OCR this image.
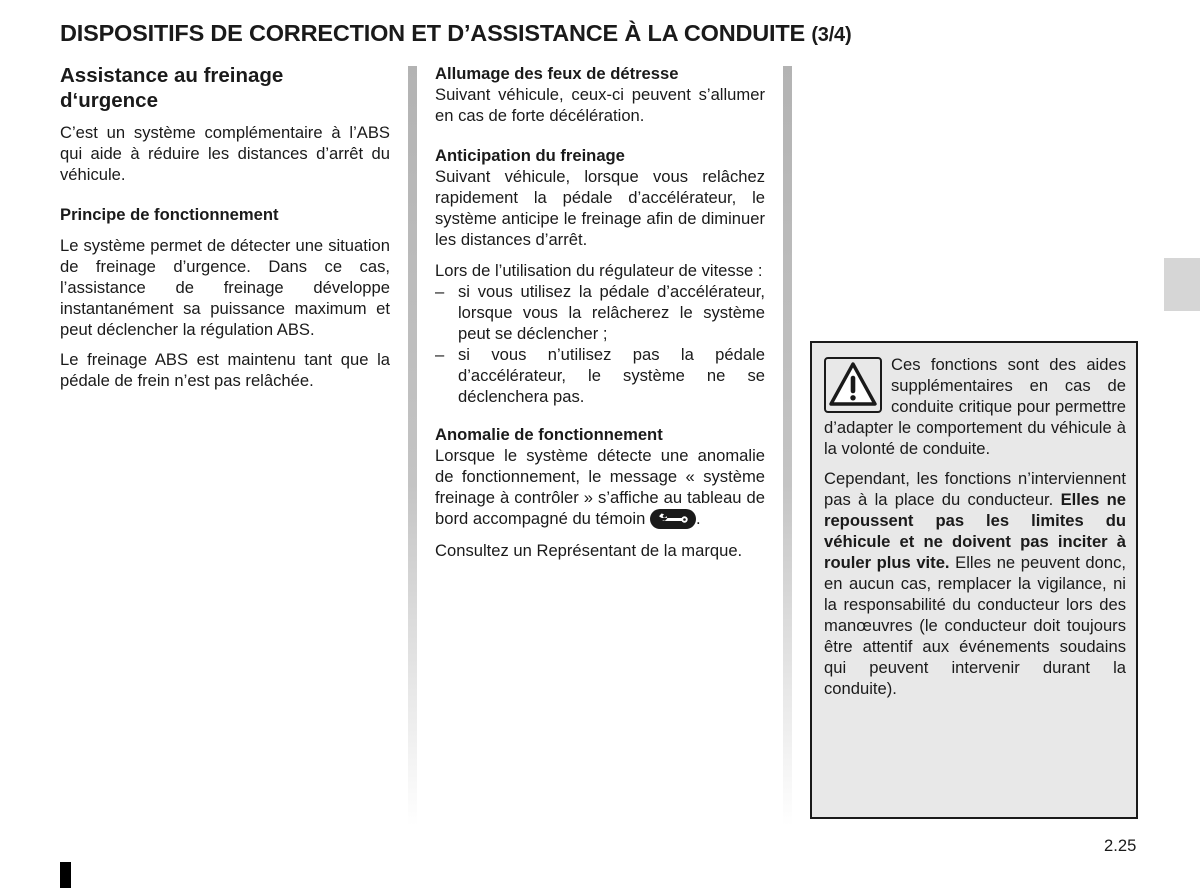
DISPOSITIFS DE CORRECTION ET D’ASSISTANCE À LA CONDUITE (3/4)
Assistance au freinage
d‘urgence

C’est un système complémentaire à l’ABS qui aide à réduire les distances d’arrêt du véhicule.

Principe de fonctionnement

Le système permet de détecter une situation de freinage d’urgence. Dans ce cas, l’assistance de freinage développe instantanément sa puissance maximum et peut déclencher la régulation ABS.

Le freinage ABS est maintenu tant que la pédale de frein n’est pas relâchée.

Allumage des feux de détresse

Suivant véhicule, ceux-ci peuvent s’allumer en cas de forte décélération.

Anticipation du freinage

Suivant véhicule, lorsque vous relâchez rapidement la pédale d’accélérateur, le système anticipe le freinage afin de diminuer les distances d’arrêt.

Lors de l’utilisation du régulateur de vitesse :

– si vous utilisez la pédale d’accélérateur, lorsque vous la relâcherez le système peut se déclencher ;
– si vous n’utilisez pas la pédale d’accélérateur, le système ne se déclenchera pas.

Anomalie de fonctionnement

Lorsque le système détecte une anomalie de fonctionnement, le message « système freinage à contrôler » s’affiche au tableau de bord accompagné du témoin	.

Consultez un Représentant de la marque.

Ces fonctions sont des aides supplémentaires en cas de conduite critique pour permettre d’adapter le comportement du véhicule à la volonté de conduite.

Cependant, les fonctions n’interviennent pas à la place du conducteur. Elles ne repoussent pas les limites du véhicule et ne doivent pas inciter à rouler plus vite. Elles ne peuvent donc, en aucun cas, remplacer la vigilance, ni la responsabilité du conducteur lors des manœuvres (le conducteur doit toujours être attentif aux événements soudains qui peuvent intervenir durant la conduite).

2.25
